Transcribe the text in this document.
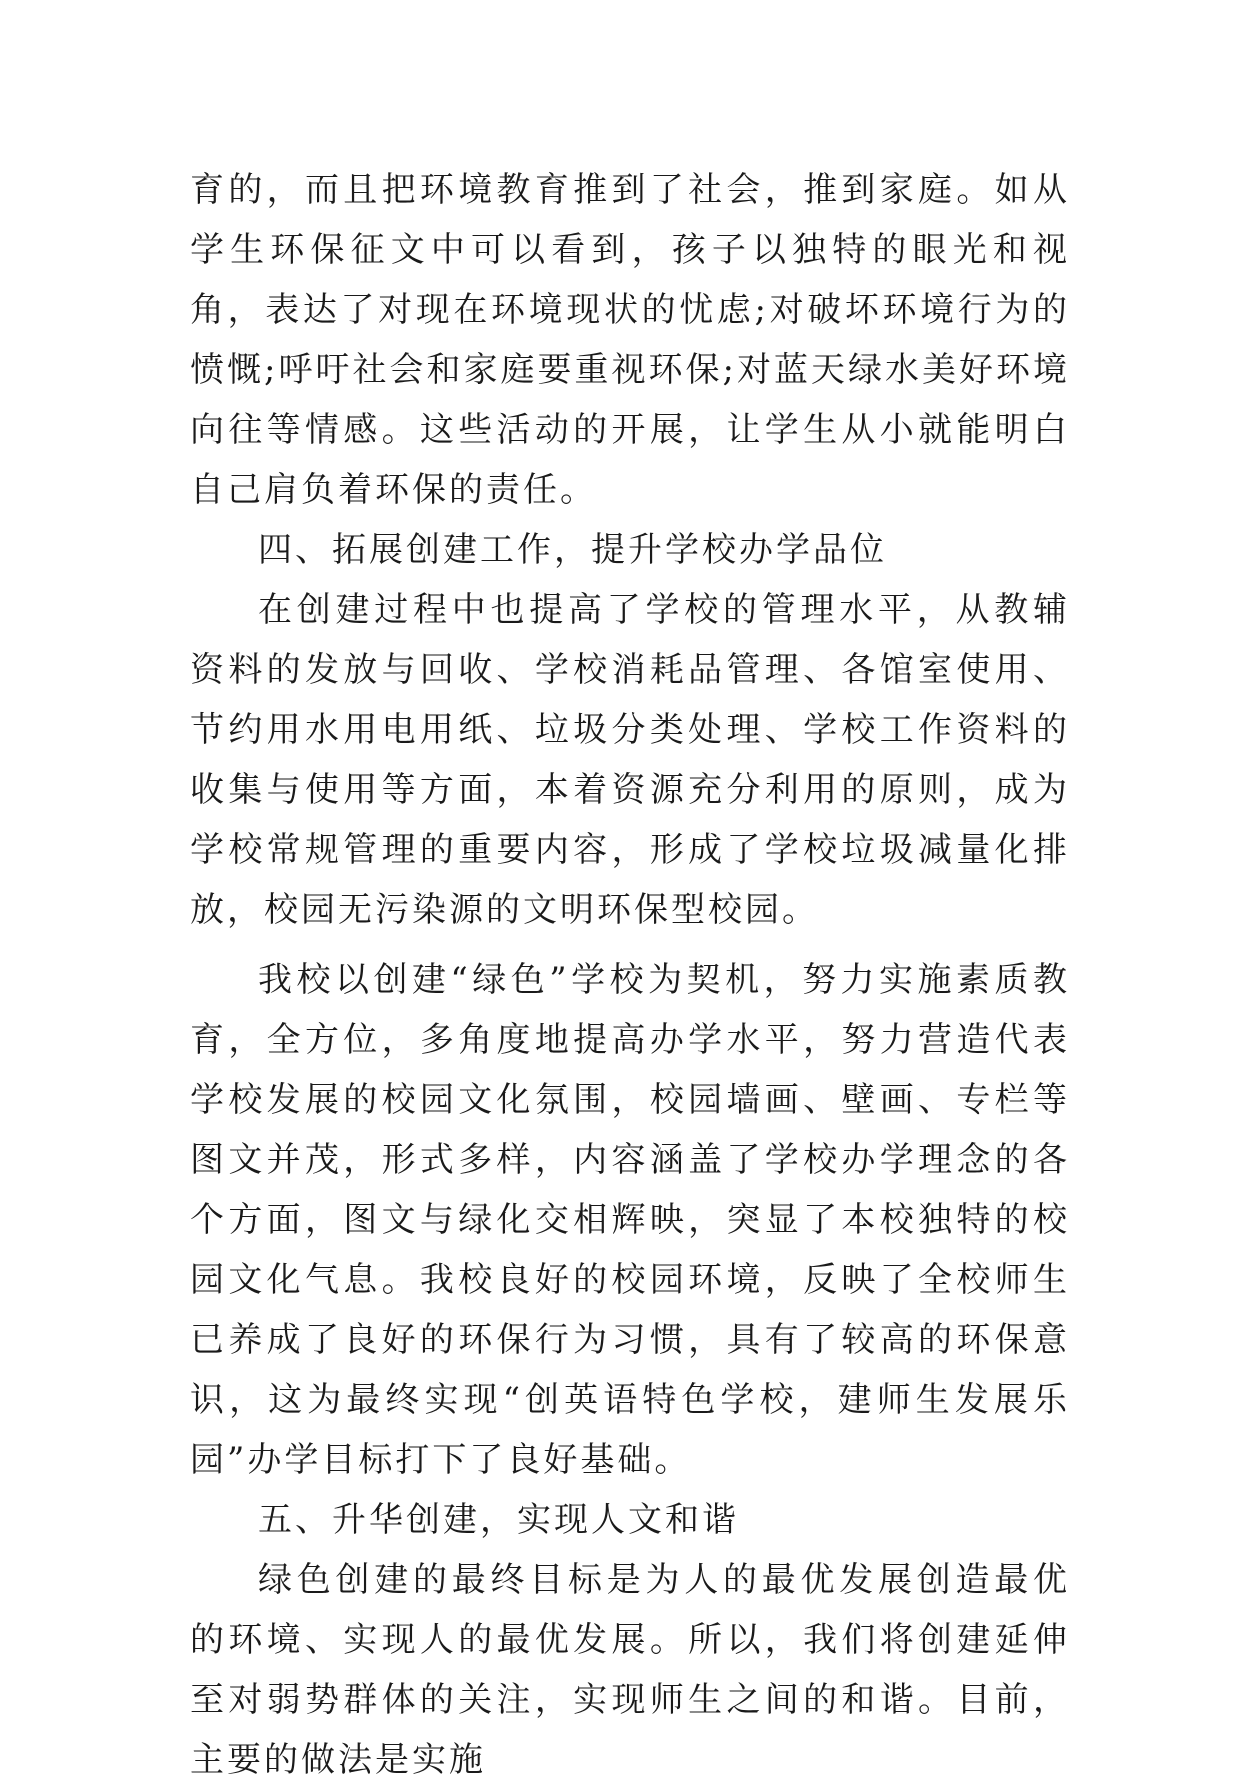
育的，而且把环境教育推到了社会，推到家庭。如从学生环保征文中可以看到，孩子以独特的眼光和视角，表达了对现在环境现状的忧虑;对破坏环境行为的愤慨;呼吁社会和家庭要重视环保;对蓝天绿水美好环境向往等情感。这些活动的开展，让学生从小就能明白自己肩负着环保的责任。

四、拓展创建工作，提升学校办学品位

在创建过程中也提高了学校的管理水平，从教辅资料的发放与回收、学校消耗品管理、各馆室使用、节约用水用电用纸、垃圾分类处理、学校工作资料的收集与使用等方面，本着资源充分利用的原则，成为学校常规管理的重要内容，形成了学校垃圾减量化排放，校园无污染源的文明环保型校园。

我校以创建“绿色”学校为契机，努力实施素质教育，全方位，多角度地提高办学水平，努力营造代表学校发展的校园文化氛围，校园墙画、壁画、专栏等图文并茂，形式多样，内容涵盖了学校办学理念的各个方面，图文与绿化交相辉映，突显了本校独特的校园文化气息。我校良好的校园环境，反映了全校师生已养成了良好的环保行为习惯，具有了较高的环保意识，这为最终实现“创英语特色学校，建师生发展乐园”办学目标打下了良好基础。

五、升华创建，实现人文和谐

绿色创建的最终目标是为人的最优发展创造最优的环境、实现人的最优发展。所以，我们将创建延伸至对弱势群体的关注，实现师生之间的和谐。目前，主要的做法是实施
